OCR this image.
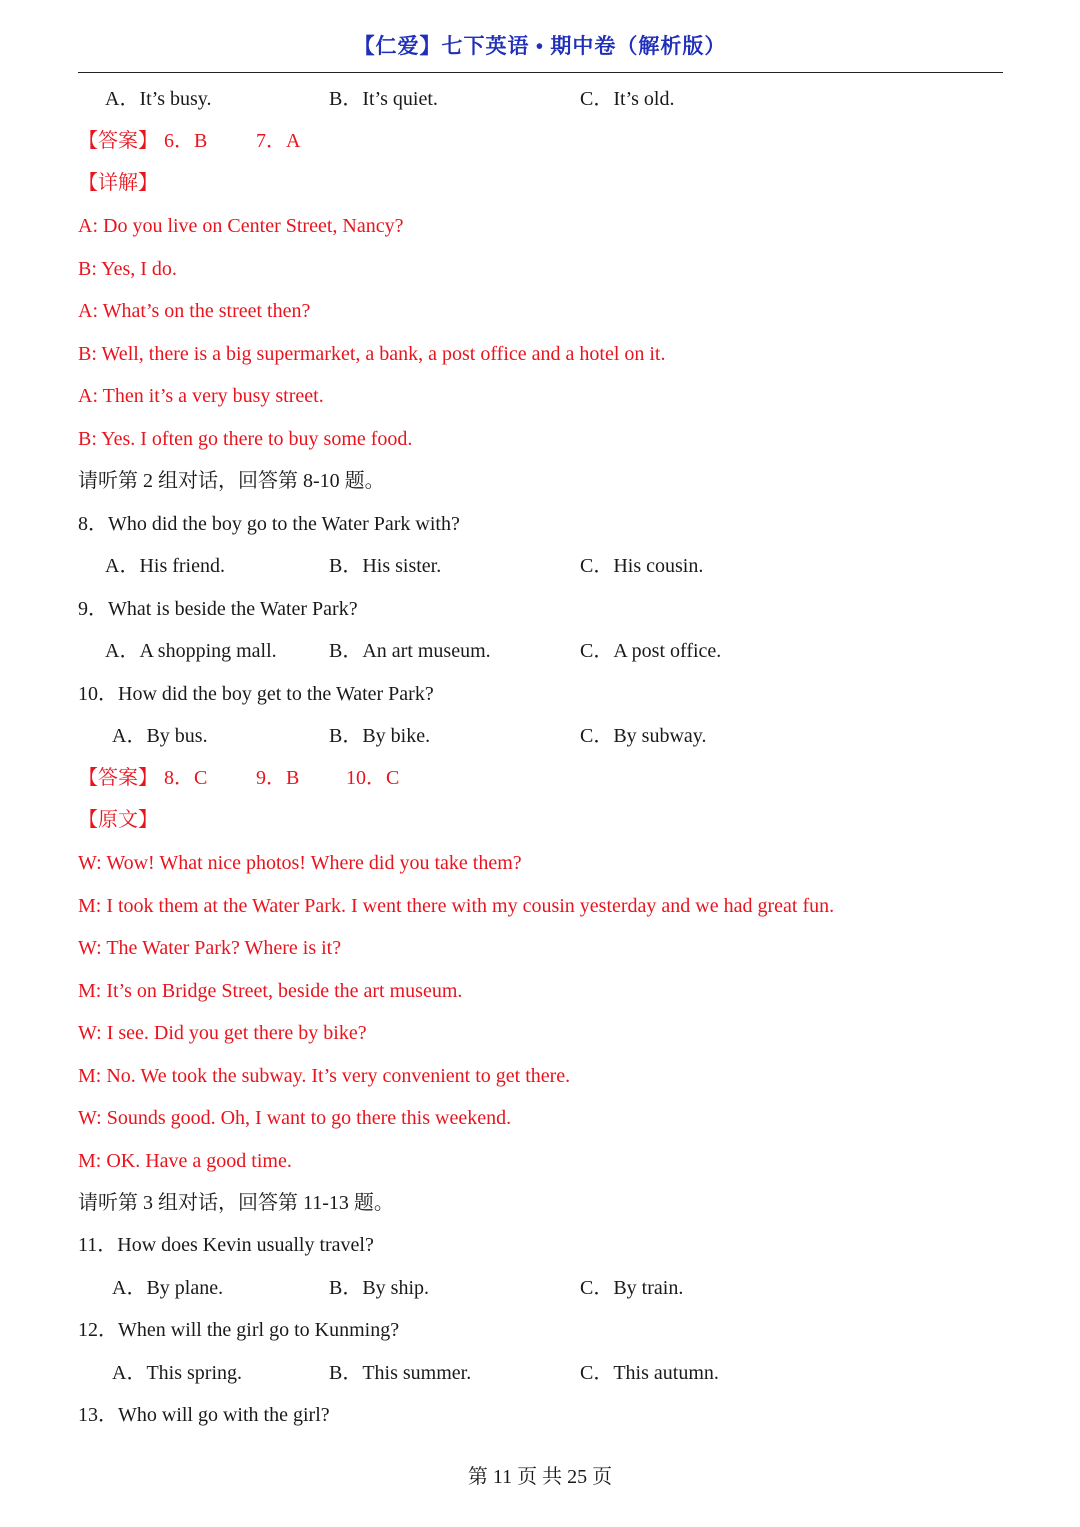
【仁爱】七下英语 • 期中卷（解析版）
A．It’s busy.	B．It’s quiet.	C．It’s old.
【答案】 6．B 7．A
【详解】
A: Do you live on Center Street, Nancy?
B: Yes, I do.
A: What’s on the street then?
B: Well, there is a big supermarket, a bank, a post office and a hotel on it.
A: Then it’s a very busy street.
B: Yes. I often go there to buy some food.
请听第 2 组对话，回答第 8-10 题。
8．Who did the boy go to the Water Park with?
A．His friend.	B．His sister.	C．His cousin.
9．What is beside the Water Park?
A．A shopping mall.	B．An art museum.	C．A post office.
10．How did the boy get to the Water Park?
A．By bus.	B．By bike.	C．By subway.
【答案】 8．C 9．B 10．C
【原文】
W: Wow! What nice photos! Where did you take them?
M: I took them at the Water Park. I went there with my cousin yesterday and we had great fun.
W: The Water Park? Where is it?
M: It’s on Bridge Street, beside the art museum.
W: I see. Did you get there by bike?
M: No. We took the subway. It’s very convenient to get there.
W: Sounds good. Oh, I want to go there this weekend.
M: OK. Have a good time.
请听第 3 组对话，回答第 11-13 题。
11．How does Kevin usually travel?
A．By plane.	B．By ship.	C．By train.
12．When will the girl go to Kunming?
A．This spring.	B．This summer.	C．This autumn.
13．Who will go with the girl?
第 11 页 共 25 页
